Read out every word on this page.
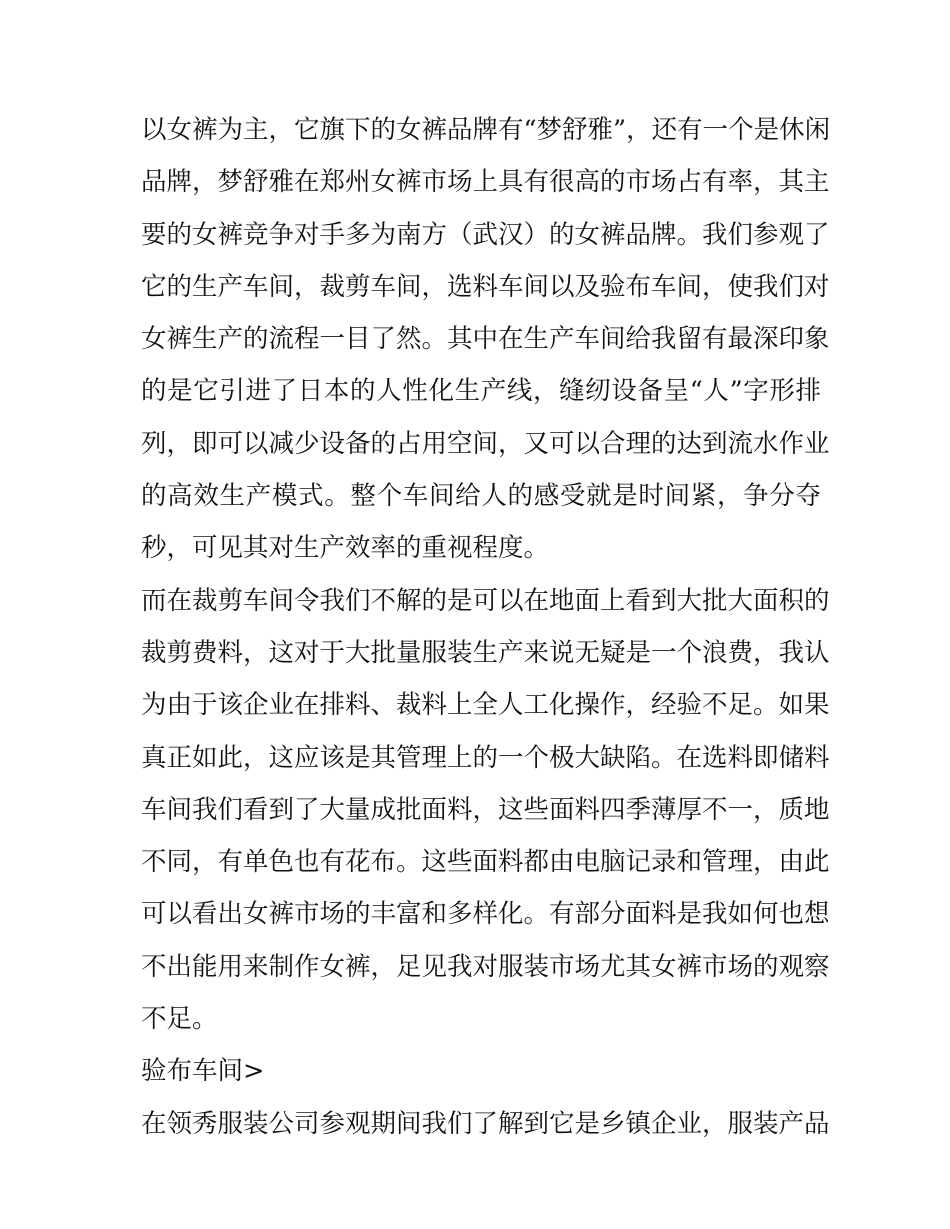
以女裤为主，它旗下的女裤品牌有“梦舒雅”，还有一个是休闲
品牌，梦舒雅在郑州女裤市场上具有很高的市场占有率，其主
要的女裤竞争对手多为南方（武汉）的女裤品牌。我们参观了
它的生产车间，裁剪车间，选料车间以及验布车间，使我们对
女裤生产的流程一目了然。其中在生产车间给我留有最深印象
的是它引进了日本的人性化生产线，缝纫设备呈“人”字形排
列，即可以减少设备的占用空间，又可以合理的达到流水作业
的高效生产模式。整个车间给人的感受就是时间紧，争分夺
秒，可见其对生产效率的重视程度。
而在裁剪车间令我们不解的是可以在地面上看到大批大面积的
裁剪费料，这对于大批量服装生产来说无疑是一个浪费，我认
为由于该企业在排料、裁料上全人工化操作，经验不足。如果
真正如此，这应该是其管理上的一个极大缺陷。在选料即储料
车间我们看到了大量成批面料，这些面料四季薄厚不一，质地
不同，有单色也有花布。这些面料都由电脑记录和管理，由此
可以看出女裤市场的丰富和多样化。有部分面料是我如何也想
不出能用来制作女裤，足见我对服装市场尤其女裤市场的观察
不足。
验布车间>
在领秀服装公司参观期间我们了解到它是乡镇企业，服装产品
